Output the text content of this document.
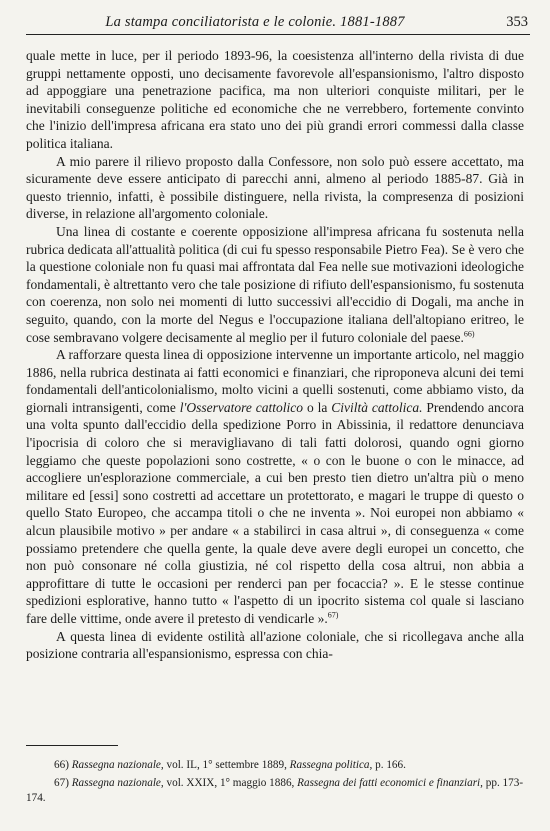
La stampa conciliatorista e le colonie. 1881-1887	353

quale mette in luce, per il periodo 1893-96, la coesistenza all'interno della rivista di due gruppi nettamente opposti, uno decisamente favorevole all'espansionismo, l'altro disposto ad appoggiare una penetrazione pacifica, ma non ulteriori conquiste militari, per le inevitabili conseguenze politiche ed economiche che ne verrebbero, fortemente convinto che l'inizio dell'impresa africana era stato uno dei più grandi errori commessi dalla classe politica italiana.

A mio parere il rilievo proposto dalla Confessore, non solo può essere accettato, ma sicuramente deve essere anticipato di parecchi anni, almeno al periodo 1885-87. Già in questo triennio, infatti, è possibile distinguere, nella rivista, la compresenza di posizioni diverse, in relazione all'argomento coloniale.

Una linea di costante e coerente opposizione all'impresa africana fu sostenuta nella rubrica dedicata all'attualità politica (di cui fu spesso responsabile Pietro Fea). Se è vero che la questione coloniale non fu quasi mai affrontata dal Fea nelle sue motivazioni ideologiche fondamentali, è altrettanto vero che tale posizione di rifiuto dell'espansionismo, fu sostenuta con coerenza, non solo nei momenti di lutto successivi all'eccidio di Dogali, ma anche in seguito, quando, con la morte del Negus e l'occupazione italiana dell'altopiano eritreo, le cose sembravano volgere decisamente al meglio per il futuro coloniale del paese.$^{66)}$

A rafforzare questa linea di opposizione intervenne un importante articolo, nel maggio 1886, nella rubrica destinata ai fatti economici e finanziari, che riproponeva alcuni dei temi fondamentali dell'anticolonialismo, molto vicini a quelli sostenuti, come abbiamo visto, da giornali intransigenti, come l'Osservatore cattolico o la Civiltà cattolica. Prendendo ancora una volta spunto dall'eccidio della spedizione Porro in Abissinia, il redattore denunciava l'ipocrisia di coloro che si meravigliavano di tali fatti dolorosi, quando ogni giorno leggiamo che queste popolazioni sono costrette, « o con le buone o con le minacce, ad accogliere un'esplorazione commerciale, a cui ben presto tien dietro un'altra più o meno militare ed [essi] sono costretti ad accettare un protettorato, e magari le truppe di questo o quello Stato Europeo, che accampa titoli o che ne inventa ». Noi europei non abbiamo « alcun plausibile motivo » per andare « a stabilirci in casa altrui », di conseguenza « come possiamo pretendere che quella gente, la quale deve avere degli europei un concetto, che non può consonare né colla giustizia, né col rispetto della cosa altrui, non abbia a approfittare di tutte le occasioni per renderci pan per focaccia? ». E le stesse continue spedizioni esplorative, hanno tutto « l'aspetto di un ipocrito sistema col quale si lasciano fare delle vittime, onde avere il pretesto di vendicarle ».$^{67)}$

A questa linea di evidente ostilità all'azione coloniale, che si ricollegava anche alla posizione contraria all'espansionismo, espressa con chia-

66) Rassegna nazionale, vol. IL, 1° settembre 1889, Rassegna politica, p. 166.

67) Rassegna nazionale, vol. XXIX, 1° maggio 1886, Rassegna dei fatti economici e finanziari, pp. 173-174.
